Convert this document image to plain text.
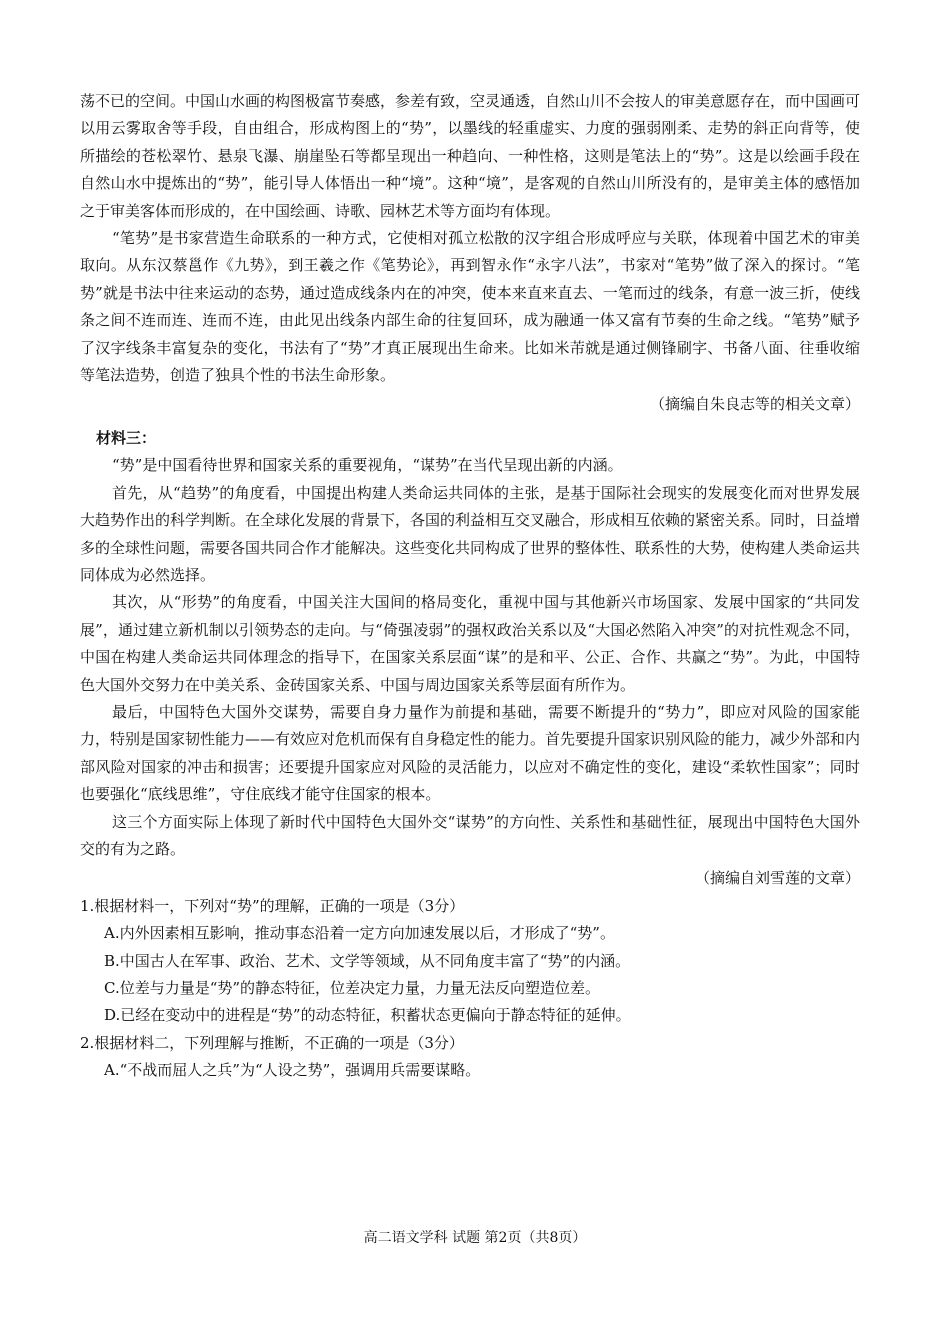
荡不已的空间。中国山水画的构图极富节奏感，参差有致，空灵通透，自然山川不会按人的审美意愿存在，而中国画可以用云雾取舍等手段，自由组合，形成构图上的“势”，以墨线的轻重虚实、力度的强弱刚柔、走势的斜正向背等，使所描绘的苍松翠竹、悬泉飞瀑、崩崖坠石等都呈现出一种趋向、一种性格，这则是笔法上的“势”。这是以绘画手段在自然山水中提炼出的“势”，能引导人体悟出一种“境”。这种“境”，是客观的自然山川所没有的，是审美主体的感悟加之于审美客体而形成的，在中国绘画、诗歌、园林艺术等方面均有体现。

“笔势”是书家营造生命联系的一种方式，它使相对孤立松散的汉字组合形成呼应与关联，体现着中国艺术的审美取向。从东汉蔡邕作《九势》，到王羲之作《笔势论》，再到智永作“永字八法”，书家对“笔势”做了深入的探讨。“笔势”就是书法中往来运动的态势，通过造成线条内在的冲突，使本来直来直去、一笔而过的线条，有意一波三折，使线条之间不连而连、连而不连，由此见出线条内部生命的往复回环，成为融通一体又富有节奏的生命之线。“笔势”赋予了汉字线条丰富复杂的变化，书法有了“势”才真正展现出生命来。比如米芾就是通过侧锋刷字、书备八面、往垂收缩等笔法造势，创造了独具个性的书法生命形象。

（摘编自朱良志等的相关文章）

材料三：

“势”是中国看待世界和国家关系的重要视角，“谋势”在当代呈现出新的内涵。

首先，从“趋势”的角度看，中国提出构建人类命运共同体的主张，是基于国际社会现实的发展变化而对世界发展大趋势作出的科学判断。在全球化发展的背景下，各国的利益相互交叉融合，形成相互依赖的紧密关系。同时，日益增多的全球性问题，需要各国共同合作才能解决。这些变化共同构成了世界的整体性、联系性的大势，使构建人类命运共同体成为必然选择。

其次，从“形势”的角度看，中国关注大国间的格局变化，重视中国与其他新兴市场国家、发展中国家的“共同发展”，通过建立新机制以引领势态的走向。与“倚强凌弱”的强权政治关系以及“大国必然陷入冲突”的对抗性观念不同，中国在构建人类命运共同体理念的指导下，在国家关系层面“谋”的是和平、公正、合作、共赢之“势”。为此，中国特色大国外交努力在中美关系、金砖国家关系、中国与周边国家关系等层面有所作为。

最后，中国特色大国外交谋势，需要自身力量作为前提和基础，需要不断提升的“势力”，即应对风险的国家能力，特别是国家韧性能力——有效应对危机而保有自身稳定性的能力。首先要提升国家识别风险的能力，减少外部和内部风险对国家的冲击和损害；还要提升国家应对风险的灵活能力，以应对不确定性的变化，建设“柔软性国家”；同时也要强化“底线思维”，守住底线才能守住国家的根本。

这三个方面实际上体现了新时代中国特色大国外交“谋势”的方向性、关系性和基础性征，展现出中国特色大国外交的有为之路。

（摘编自刘雪莲的文章）

1.根据材料一，下列对“势”的理解，正确的一项是（3分）

A.内外因素相互影响，推动事态沿着一定方向加速发展以后，才形成了“势”。

B.中国古人在军事、政治、艺术、文学等领域，从不同角度丰富了“势”的内涵。

C.位差与力量是“势”的静态特征，位差决定力量，力量无法反向塑造位差。

D.已经在变动中的进程是“势”的动态特征，积蓄状态更偏向于静态特征的延伸。

2.根据材料二，下列理解与推断，不正确的一项是（3分）

A.“不战而屈人之兵”为“人设之势”，强调用兵需要谋略。

高二语文学科 试题 第2页（共8页）
